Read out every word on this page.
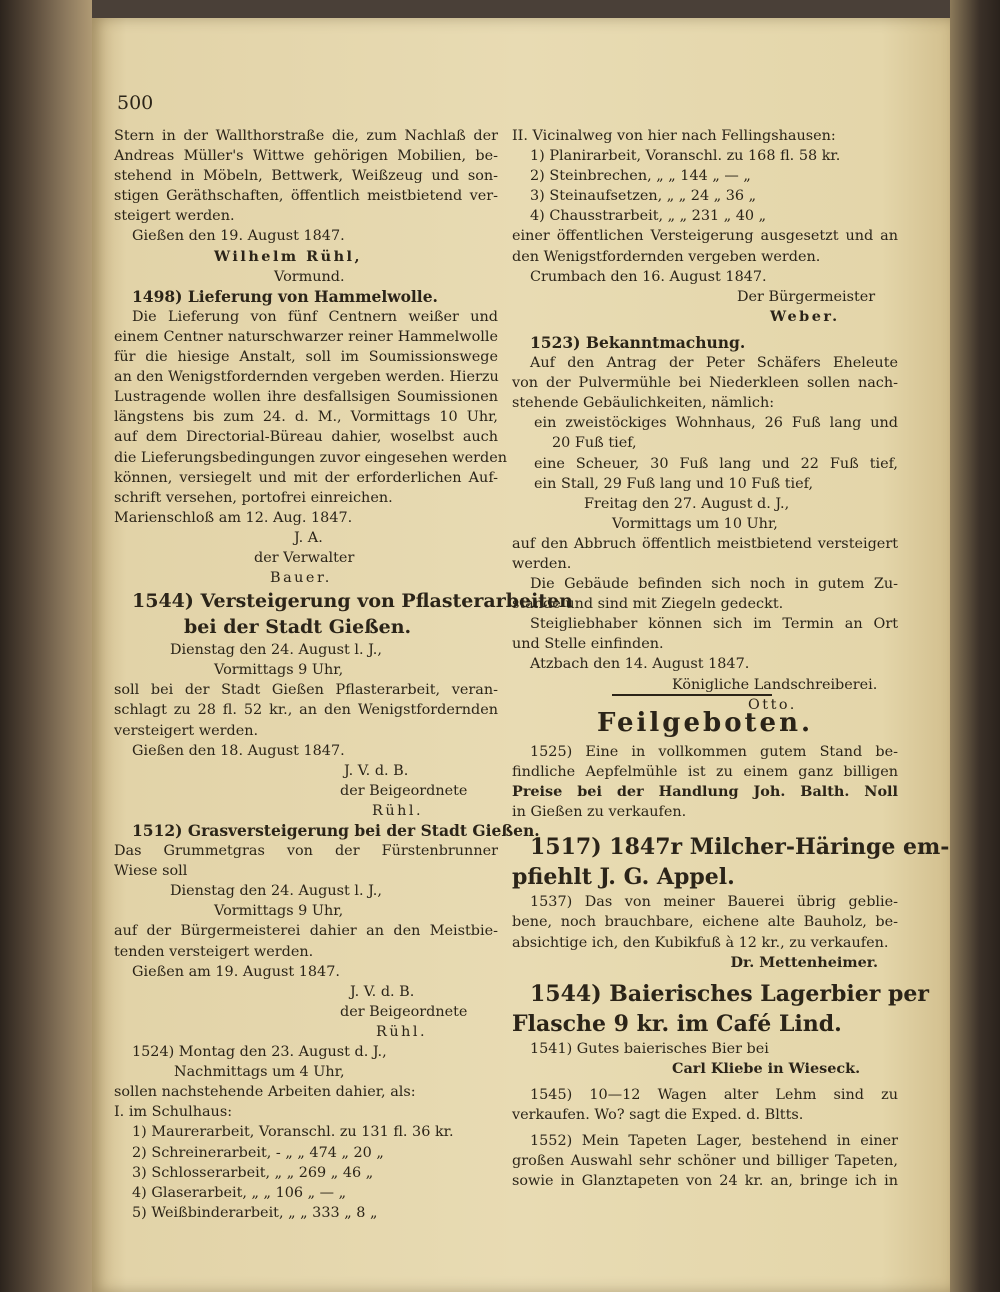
500
Stern in der Wallthorstraße die, zum Nachlaß der
Andreas Müller's Wittwe gehörigen Mobilien, be-
stehend in Möbeln, Bettwerk, Weißzeug und son-
stigen Geräthschaften, öffentlich meistbietend ver-
steigert werden.
Gießen den 19. August 1847.
Wilhelm Rühl,
Vormund.
1498) Lieferung von Hammelwolle.
Die Lieferung von fünf Centnern weißer und
einem Centner naturschwarzer reiner Hammelwolle
für die hiesige Anstalt, soll im Soumissionswege
an den Wenigstfordernden vergeben werden. Hierzu
Lustragende wollen ihre desfallsigen Soumissionen
längstens bis zum 24. d. M., Vormittags 10 Uhr,
auf dem Directorial-Büreau dahier, woselbst auch
die Lieferungsbedingungen zuvor eingesehen werden
können, versiegelt und mit der erforderlichen Auf-
schrift versehen, portofrei einreichen.
Marienschloß am 12. Aug. 1847.
J. A.
der Verwalter
Bauer.
1544) Versteigerung von Pflasterarbeiten
bei der Stadt Gießen.
Dienstag den 24. August l. J.,
Vormittags 9 Uhr,
soll bei der Stadt Gießen Pflasterarbeit, veran-
schlagt zu 28 fl. 52 kr., an den Wenigstfordernden
versteigert werden.
Gießen den 18. August 1847.
J. V. d. B.
der Beigeordnete
Rühl.
1512) Grasversteigerung bei der Stadt Gießen.
Das Grummetgras von der Fürstenbrunner
Wiese soll
Dienstag den 24. August l. J.,
Vormittags 9 Uhr,
auf der Bürgermeisterei dahier an den Meistbie-
tenden versteigert werden.
Gießen am 19. August 1847.
J. V. d. B.
der Beigeordnete
Rühl.
1524) Montag den 23. August d. J.,
Nachmittags um 4 Uhr,
sollen nachstehende Arbeiten dahier, als:
I. im Schulhaus:
1) Maurerarbeit, Voranschl. zu 131 fl. 36 kr.
2) Schreinerarbeit, - „ „ 474 „ 20 „
3) Schlosserarbeit, „ „ 269 „ 46 „
4) Glaserarbeit, „ „ 106 „ — „
5) Weißbinderarbeit, „ „ 333 „ 8 „
II. Vicinalweg von hier nach Fellingshausen:
1) Planirarbeit, Voranschl. zu 168 fl. 58 kr.
2) Steinbrechen, „ „ 144 „ — „
3) Steinaufsetzen, „ „ 24 „ 36 „
4) Chausstrarbeit, „ „ 231 „ 40 „
einer öffentlichen Versteigerung ausgesetzt und an
den Wenigstfordernden vergeben werden.
Crumbach den 16. August 1847.
Der Bürgermeister
Weber.
1523) Bekanntmachung.
Auf den Antrag der Peter Schäfers Eheleute
von der Pulvermühle bei Niederkleen sollen nach-
stehende Gebäulichkeiten, nämlich:
ein zweistöckiges Wohnhaus, 26 Fuß lang und
20 Fuß tief,
eine Scheuer, 30 Fuß lang und 22 Fuß tief,
ein Stall, 29 Fuß lang und 10 Fuß tief,
Freitag den 27. August d. J.,
Vormittags um 10 Uhr,
auf den Abbruch öffentlich meistbietend versteigert
werden.
Die Gebäude befinden sich noch in gutem Zu-
stande und sind mit Ziegeln gedeckt.
Steigliebhaber können sich im Termin an Ort
und Stelle einfinden.
Atzbach den 14. August 1847.
Königliche Landschreiberei.
Otto.
Feilgeboten.
1525) Eine in vollkommen gutem Stand be-
findliche Aepfelmühle ist zu einem ganz billigen
Preise bei der Handlung Joh. Balth. Noll
in Gießen zu verkaufen.
1517) 1847r Milcher-Häringe em-
pfiehlt J. G. Appel.
1537) Das von meiner Bauerei übrig geblie-
bene, noch brauchbare, eichene alte Bauholz, be-
absichtige ich, den Kubikfuß à 12 kr., zu verkaufen.
Dr. Mettenheimer.
1544) Baierisches Lagerbier per
Flasche 9 kr. im Café Lind.
1541) Gutes baierisches Bier bei
Carl Kliebe in Wieseck.
1545) 10—12 Wagen alter Lehm sind zu
verkaufen. Wo? sagt die Exped. d. Bltts.
1552) Mein Tapeten Lager, bestehend in einer
großen Auswahl sehr schöner und billiger Tapeten,
sowie in Glanztapeten von 24 kr. an, bringe ich in
